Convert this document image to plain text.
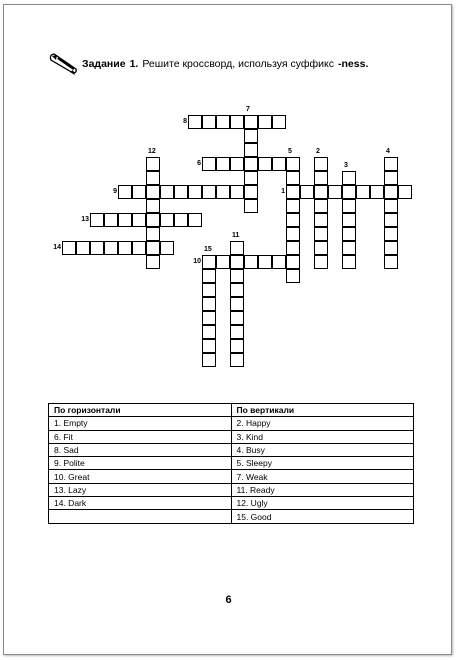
Задание 1. Решите кроссворд, используя суффикс -ness.
8
7
6
9	1
13
14
10
12	5	2
3
4
11
15
По горизонтали	По вертикали
1. Empty	2. Happy
6. Fit	3. Kind
8. Sad	4. Busy
9. Polite	5. Sleepy
10. Great	7. Weak
13. Lazy	11. Ready
14. Dark	12. Ugly
	15. Good
6
